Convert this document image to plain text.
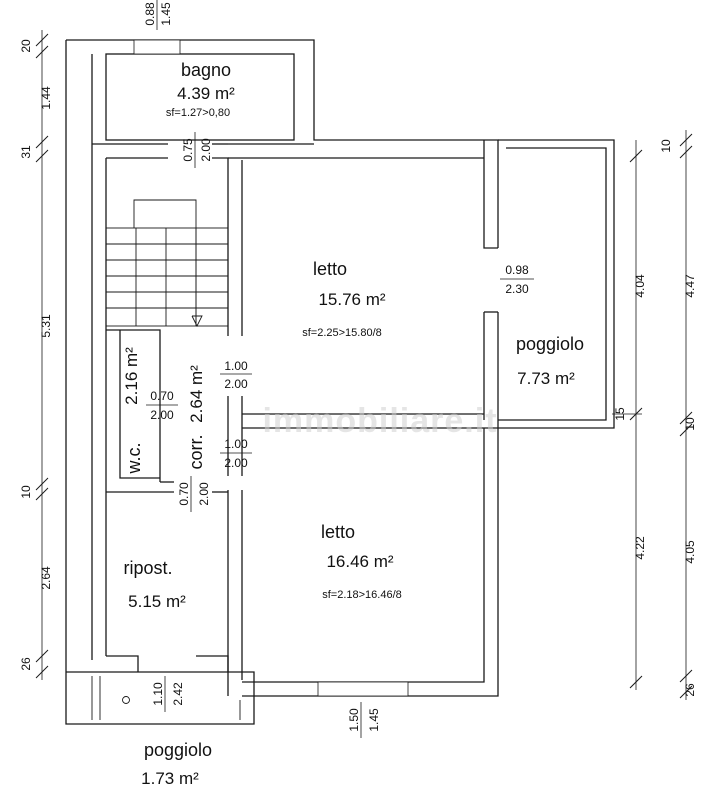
20
1.44
31
5.31
10
2.64
26
10
4.04
15
4.22
4.47
10
4.05
26
0.88 1.45
0.75 2.00
1.00
2.00
0.98
2.30
0.70
2.00
1.00
2.00
0.70 2.00
1.10 2.42
1.50 1.45
bagno
4.39 m²
sf=1.27>0,80
letto
15.76 m²
sf=2.25>15.80/8
poggiolo
7.73 m²
2.16 m²
w.c.
2.64 m²
corr.
ripost.
5.15 m²
letto
16.46 m²
sf=2.18>16.46/8
poggiolo
1.73 m²
immobiliare.it
